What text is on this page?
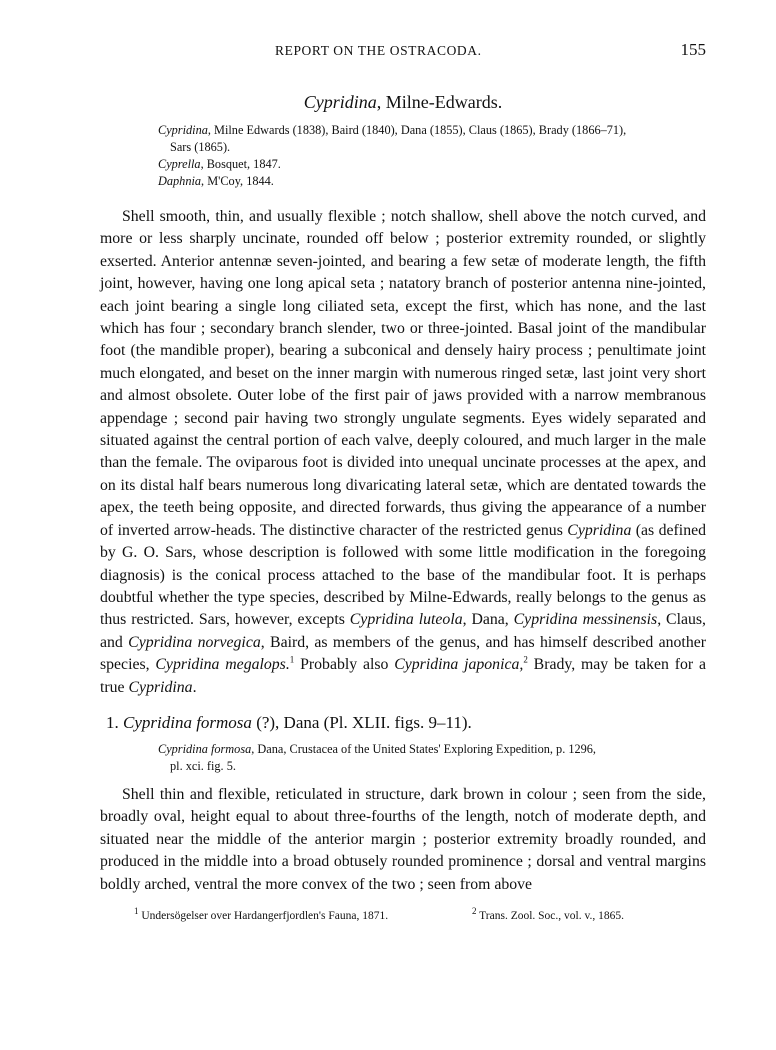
REPORT ON THE OSTRACODA.	155
Cypridina, Milne-Edwards.
Cypridina, Milne Edwards (1838), Baird (1840), Dana (1855), Claus (1865), Brady (1866–71),
Sars (1865).
Cyprella, Bosquet, 1847.
Daphnia, M'Coy, 1844.

Shell smooth, thin, and usually flexible ; notch shallow, shell above the notch curved, and more or less sharply uncinate, rounded off below ; posterior extremity rounded, or slightly exserted. Anterior antennæ seven-jointed, and bearing a few setæ of moderate length, the fifth joint, however, having one long apical seta ; natatory branch of posterior antenna nine-jointed, each joint bearing a single long ciliated seta, except the first, which has none, and the last which has four ; secondary branch slender, two or three-jointed. Basal joint of the mandibular foot (the mandible proper), bearing a subconical and densely hairy process ; penultimate joint much elongated, and beset on the inner margin with numerous ringed setæ, last joint very short and almost obsolete. Outer lobe of the first pair of jaws provided with a narrow membranous appendage ; second pair having two strongly ungulate segments. Eyes widely separated and situated against the central portion of each valve, deeply coloured, and much larger in the male than the female. The oviparous foot is divided into unequal uncinate processes at the apex, and on its distal half bears numerous long divaricating lateral setæ, which are dentated towards the apex, the teeth being opposite, and directed forwards, thus giving the appearance of a number of inverted arrow-heads. The distinctive character of the restricted genus Cypridina (as defined by G. O. Sars, whose description is followed with some little modification in the foregoing diagnosis) is the conical process attached to the base of the mandibular foot. It is perhaps doubtful whether the type species, described by Milne-Edwards, really belongs to the genus as thus restricted. Sars, however, excepts Cypridina luteola, Dana, Cypridina messinensis, Claus, and Cypridina norvegica, Baird, as members of the genus, and has himself described another species, Cypridina megalops.$^1$ Probably also Cypridina japonica,$^2$ Brady, may be taken for a true Cypridina.

1. Cypridina formosa (?), Dana (Pl. XLII. figs. 9–11).
Cypridina formosa, Dana, Crustacea of the United States' Exploring Expedition, p. 1296,
pl. xci. fig. 5.

Shell thin and flexible, reticulated in structure, dark brown in colour ; seen from the side, broadly oval, height equal to about three-fourths of the length, notch of moderate depth, and situated near the middle of the anterior margin ; posterior extremity broadly rounded, and produced in the middle into a broad obtusely rounded prominence ; dorsal and ventral margins boldly arched, ventral the more convex of the two ; seen from above

$^1$ Undersögelser over Hardangerfjordlen's Fauna, 1871.	$^2$ Trans. Zool. Soc., vol. v., 1865.
